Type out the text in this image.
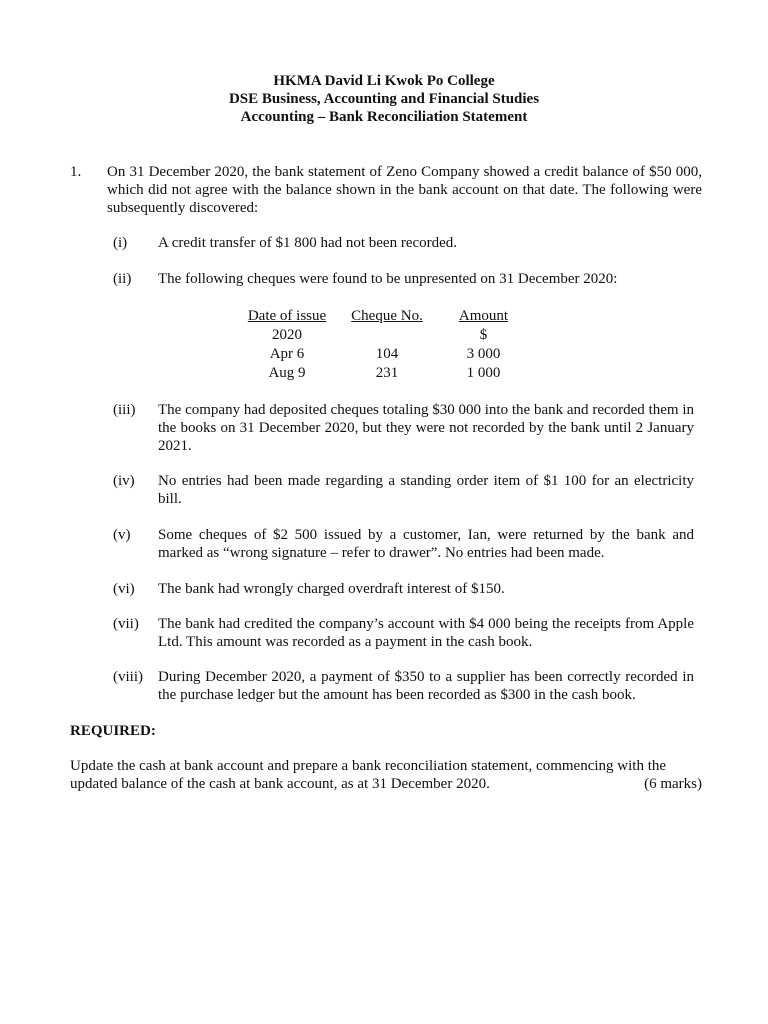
HKMA David Li Kwok Po College
DSE Business, Accounting and Financial Studies
Accounting – Bank Reconciliation Statement
1. On 31 December 2020, the bank statement of Zeno Company showed a credit balance of $50 000, which did not agree with the balance shown in the bank account on that date. The following were subsequently discovered:
(i)	A credit transfer of $1 800 had not been recorded.
(ii)	The following cheques were found to be unpresented on 31 December 2020:
Date of issue	Cheque No.	Amount
2020		$
Apr 6	104	3 000
Aug 9	231	1 000
(iii)	The company had deposited cheques totaling $30 000 into the bank and recorded them in the books on 31 December 2020, but they were not recorded by the bank until 2 January 2021.
(iv)	No entries had been made regarding a standing order item of $1 100 for an electricity bill.
(v)	Some cheques of $2 500 issued by a customer, Ian, were returned by the bank and marked as “wrong signature – refer to drawer”. No entries had been made.
(vi)	The bank had wrongly charged overdraft interest of $150.
(vii)	The bank had credited the company’s account with $4 000 being the receipts from Apple Ltd. This amount was recorded as a payment in the cash book.
(viii)	During December 2020, a payment of $350 to a supplier has been correctly recorded in the purchase ledger but the amount has been recorded as $300 in the cash book.
REQUIRED:
Update the cash at bank account and prepare a bank reconciliation statement, commencing with the
updated balance of the cash at bank account, as at 31 December 2020.	(6 marks)
